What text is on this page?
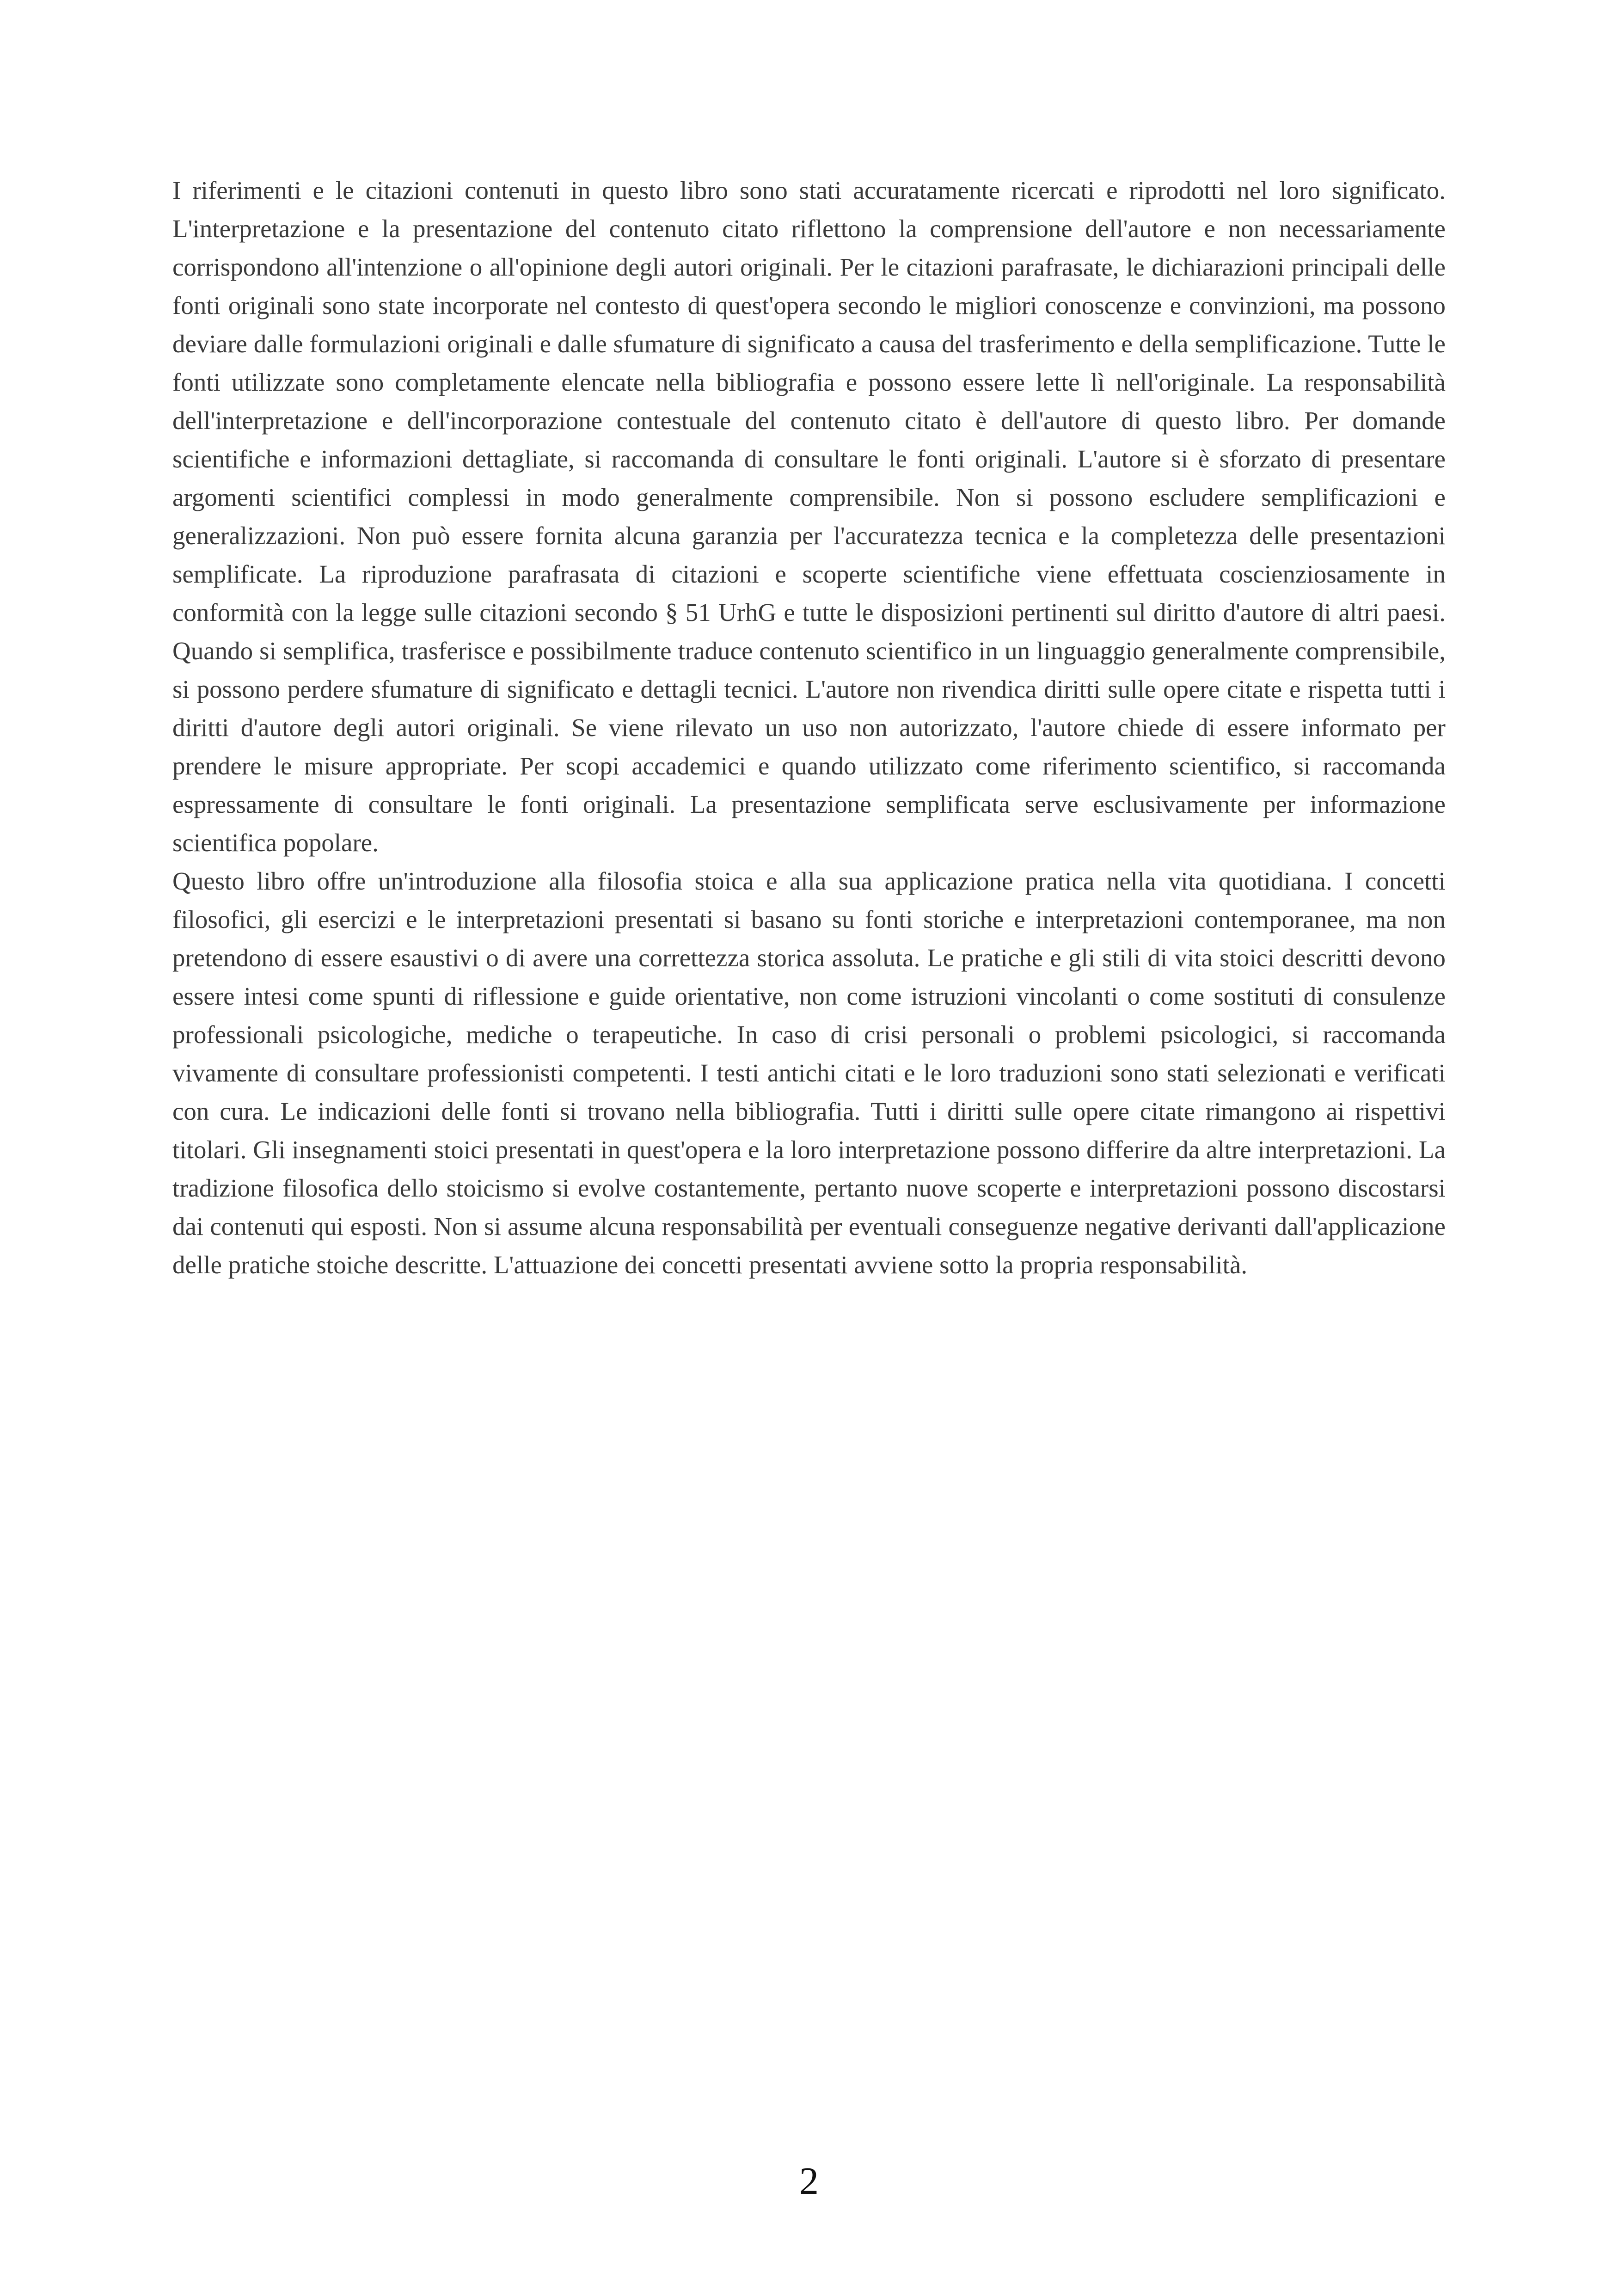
I riferimenti e le citazioni contenuti in questo libro sono stati accuratamente ricercati e riprodotti nel loro significato. L'interpretazione e la presentazione del contenuto citato riflettono la comprensione dell'autore e non necessariamente corrispondono all'intenzione o all'opinione degli autori originali. Per le citazioni parafrasate, le dichiarazioni principali delle fonti originali sono state incorporate nel contesto di quest'opera secondo le migliori conoscenze e convinzioni, ma possono deviare dalle formulazioni originali e dalle sfumature di significato a causa del trasferimento e della semplificazione. Tutte le fonti utilizzate sono completamente elencate nella bibliografia e possono essere lette lì nell'originale. La responsabilità dell'interpretazione e dell'incorporazione contestuale del contenuto citato è dell'autore di questo libro. Per domande scientifiche e informazioni dettagliate, si raccomanda di consultare le fonti originali. L'autore si è sforzato di presentare argomenti scientifici complessi in modo generalmente comprensibile. Non si possono escludere semplificazioni e generalizzazioni. Non può essere fornita alcuna garanzia per l'accuratezza tecnica e la completezza delle presentazioni semplificate. La riproduzione parafrasata di citazioni e scoperte scientifiche viene effettuata coscienziosamente in conformità con la legge sulle citazioni secondo § 51 UrhG e tutte le disposizioni pertinenti sul diritto d'autore di altri paesi. Quando si semplifica, trasferisce e possibilmente traduce contenuto scientifico in un linguaggio generalmente comprensibile, si possono perdere sfumature di significato e dettagli tecnici. L'autore non rivendica diritti sulle opere citate e rispetta tutti i diritti d'autore degli autori originali. Se viene rilevato un uso non autorizzato, l'autore chiede di essere informato per prendere le misure appropriate. Per scopi accademici e quando utilizzato come riferimento scientifico, si raccomanda espressamente di consultare le fonti originali. La presentazione semplificata serve esclusivamente per informazione scientifica popolare.

Questo libro offre un'introduzione alla filosofia stoica e alla sua applicazione pratica nella vita quotidiana. I concetti filosofici, gli esercizi e le interpretazioni presentati si basano su fonti storiche e interpretazioni contemporanee, ma non pretendono di essere esaustivi o di avere una correttezza storica assoluta. Le pratiche e gli stili di vita stoici descritti devono essere intesi come spunti di riflessione e guide orientative, non come istruzioni vincolanti o come sostituti di consulenze professionali psicologiche, mediche o terapeutiche. In caso di crisi personali o problemi psicologici, si raccomanda vivamente di consultare professionisti competenti. I testi antichi citati e le loro traduzioni sono stati selezionati e verificati con cura. Le indicazioni delle fonti si trovano nella bibliografia. Tutti i diritti sulle opere citate rimangono ai rispettivi titolari. Gli insegnamenti stoici presentati in quest'opera e la loro interpretazione possono differire da altre interpretazioni. La tradizione filosofica dello stoicismo si evolve costantemente, pertanto nuove scoperte e interpretazioni possono discostarsi dai contenuti qui esposti. Non si assume alcuna responsabilità per eventuali conseguenze negative derivanti dall'applicazione delle pratiche stoiche descritte. L'attuazione dei concetti presentati avviene sotto la propria responsabilità.

2
